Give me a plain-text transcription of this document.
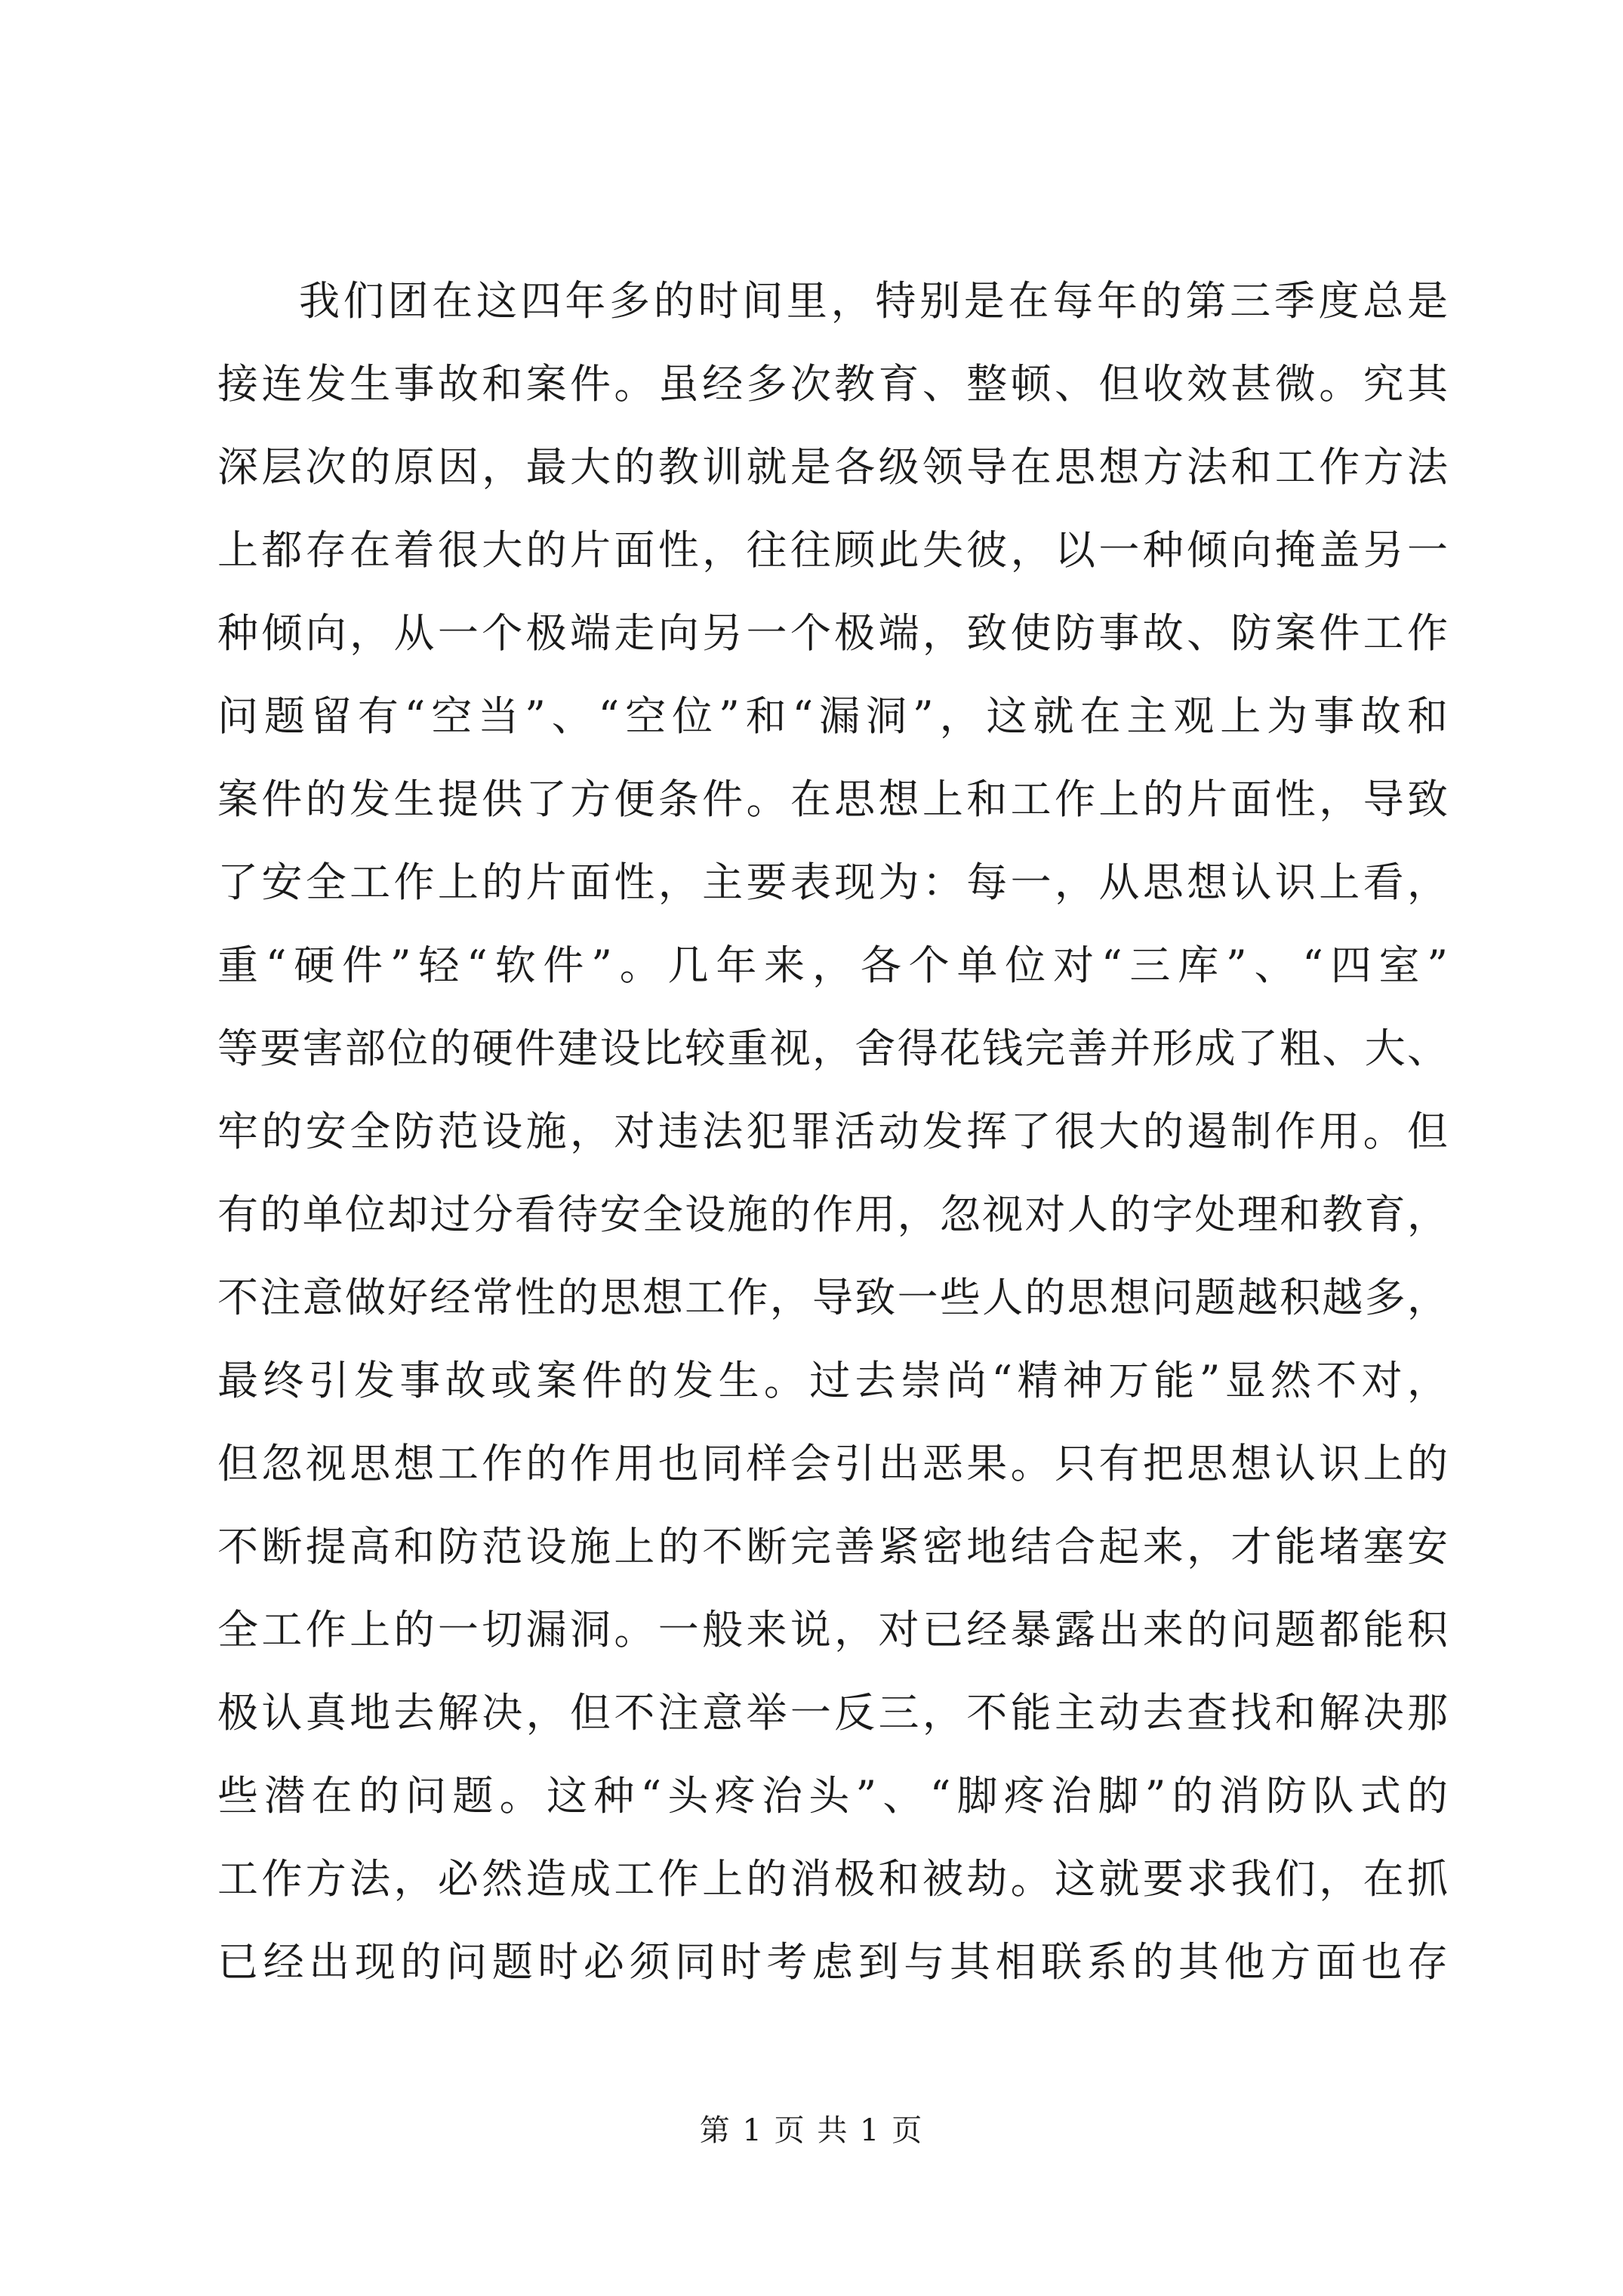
我们团在这四年多的时间里，特别是在每年的第三季度总是
接连发生事故和案件。虽经多次教育、整顿、但收效甚微。究其
深层次的原因，最大的教训就是各级领导在思想方法和工作方法
上都存在着很大的片面性，往往顾此失彼，以一种倾向掩盖另一
种倾向，从一个极端走向另一个极端，致使防事故、防案件工作
问题留有“空当”、“空位”和“漏洞”，这就在主观上为事故和
案件的发生提供了方便条件。在思想上和工作上的片面性，导致
了安全工作上的片面性，主要表现为：每一，从思想认识上看，
重“硬件”轻“软件”。几年来，各个单位对“三库”、“四室”
等要害部位的硬件建设比较重视，舍得花钱完善并形成了粗、大、
牢的安全防范设施，对违法犯罪活动发挥了很大的遏制作用。但
有的单位却过分看待安全设施的作用，忽视对人的字处理和教育，
不注意做好经常性的思想工作，导致一些人的思想问题越积越多，
最终引发事故或案件的发生。过去崇尚“精神万能”显然不对，
但忽视思想工作的作用也同样会引出恶果。只有把思想认识上的
不断提高和防范设施上的不断完善紧密地结合起来，才能堵塞安
全工作上的一切漏洞。一般来说，对已经暴露出来的问题都能积
极认真地去解决，但不注意举一反三，不能主动去查找和解决那
些潜在的问题。这种“头疼治头”、“脚疼治脚”的消防队式的
工作方法，必然造成工作上的消极和被劫。这就要求我们，在抓
已经出现的问题时必须同时考虑到与其相联系的其他方面也存
第 1 页 共 1 页
